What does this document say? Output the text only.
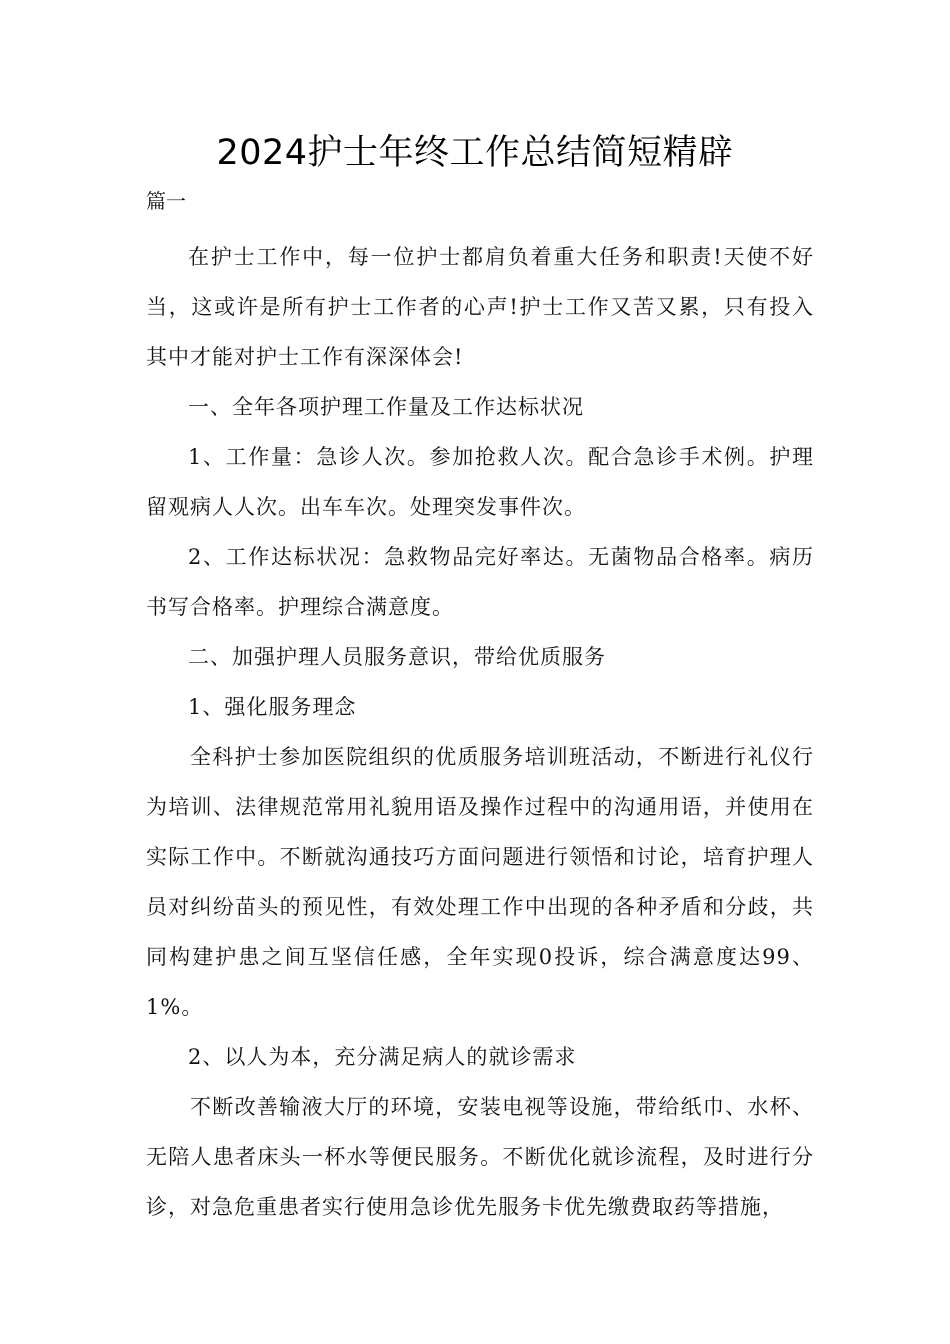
2024护士年终工作总结简短精辟
篇一

在护士工作中，每一位护士都肩负着重大任务和职责!天使不好当，这或许是所有护士工作者的心声!护士工作又苦又累，只有投入其中才能对护士工作有深深体会!

一、全年各项护理工作量及工作达标状况

1、工作量：急诊人次。参加抢救人次。配合急诊手术例。护理留观病人人次。出车车次。处理突发事件次。

2、工作达标状况：急救物品完好率达。无菌物品合格率。病历书写合格率。护理综合满意度。

二、加强护理人员服务意识，带给优质服务

1、强化服务理念

全科护士参加医院组织的优质服务培训班活动，不断进行礼仪行为培训、法律规范常用礼貌用语及操作过程中的沟通用语，并使用在实际工作中。不断就沟通技巧方面问题进行领悟和讨论，培育护理人员对纠纷苗头的预见性，有效处理工作中出现的各种矛盾和分歧，共同构建护患之间互坚信任感，全年实现0投诉，综合满意度达99、1%。

2、以人为本，充分满足病人的就诊需求

不断改善输液大厅的环境，安装电视等设施，带给纸巾、水杯、无陪人患者床头一杯水等便民服务。不断优化就诊流程，及时进行分诊，对急危重患者实行使用急诊优先服务卡优先缴费取药等措施，
